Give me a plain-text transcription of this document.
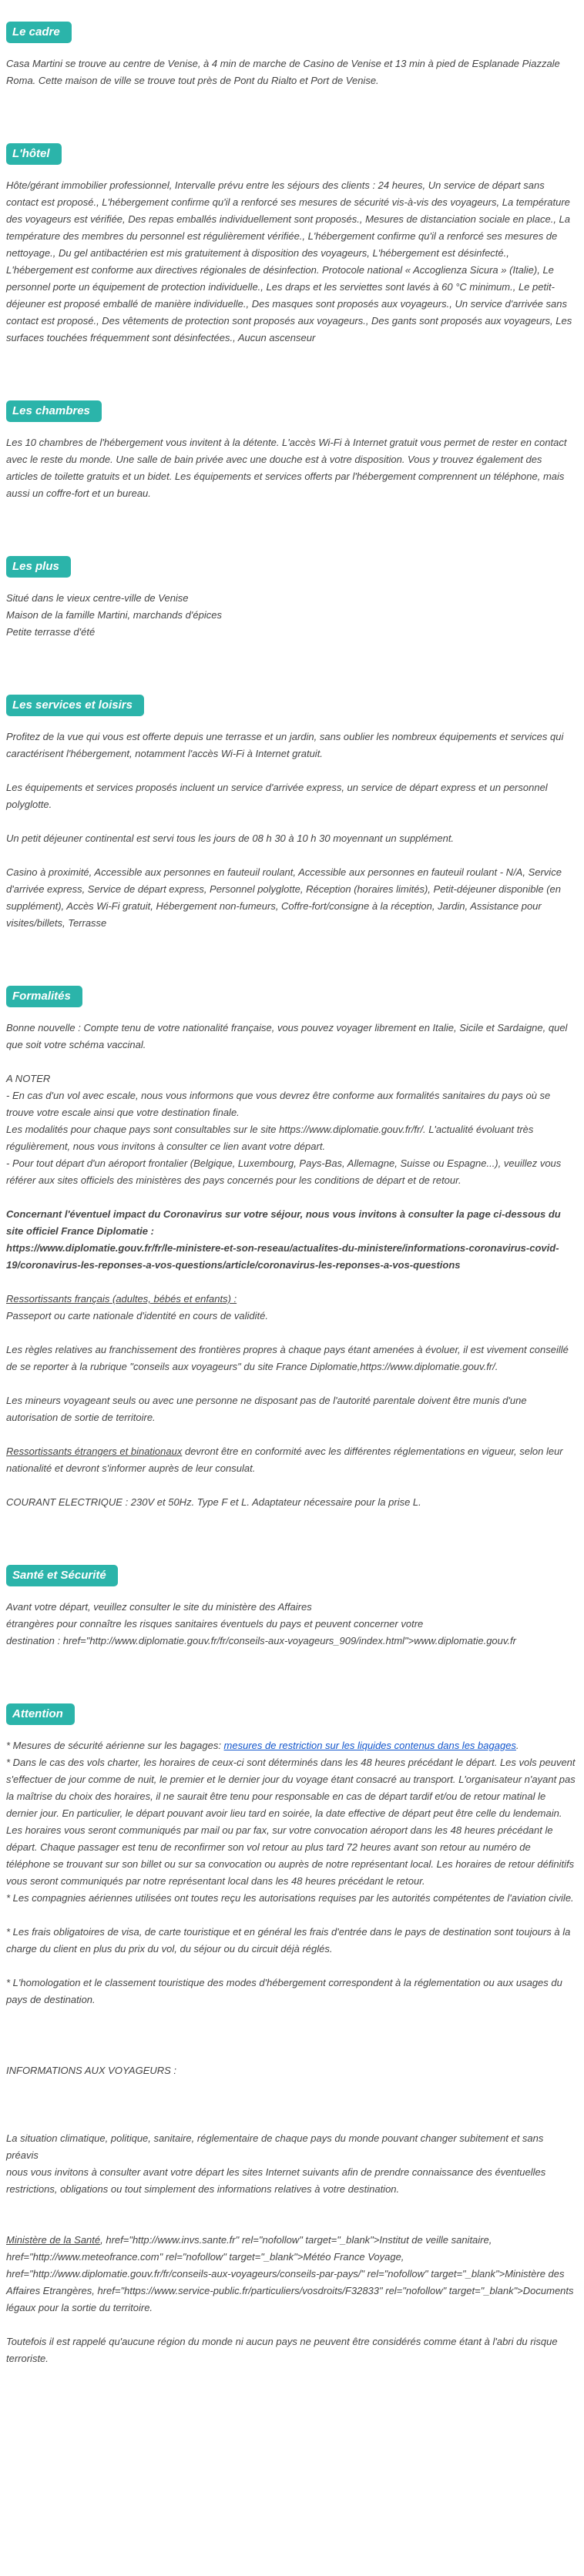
Le cadre

Casa Martini se trouve au centre de Venise, à 4 min de marche de Casino de Venise et 13 min à pied de Esplanade Piazzale Roma. Cette maison de ville se trouve tout près de Pont du Rialto et Port de Venise.

L'hôtel

Hôte/gérant immobilier professionnel, Intervalle prévu entre les séjours des clients : 24 heures, Un service de départ sans contact est proposé., L'hébergement confirme qu'il a renforcé ses mesures de sécurité vis-à-vis des voyageurs, La température des voyageurs est vérifiée, Des repas emballés individuellement sont proposés., Mesures de distanciation sociale en place., La température des membres du personnel est régulièrement vérifiée., L'hébergement confirme qu'il a renforcé ses mesures de nettoyage., Du gel antibactérien est mis gratuitement à disposition des voyageurs, L'hébergement est désinfecté., L'hébergement est conforme aux directives régionales de désinfection. Protocole national « Accoglienza Sicura » (Italie), Le personnel porte un équipement de protection individuelle., Les draps et les serviettes sont lavés à 60 °C minimum., Le petit-déjeuner est proposé emballé de manière individuelle., Des masques sont proposés aux voyageurs., Un service d'arrivée sans contact est proposé., Des vêtements de protection sont proposés aux voyageurs., Des gants sont proposés aux voyageurs, Les surfaces touchées fréquemment sont désinfectées., Aucun ascenseur

Les chambres

Les 10 chambres de l'hébergement vous invitent à la détente. L'accès Wi-Fi à Internet gratuit vous permet de rester en contact avec le reste du monde. Une salle de bain privée avec une douche est à votre disposition. Vous y trouvez également des articles de toilette gratuits et un bidet. Les équipements et services offerts par l'hébergement comprennent un téléphone, mais aussi un coffre-fort et un bureau.

Les plus

Situé dans le vieux centre-ville de Venise

Maison de la famille Martini, marchands d'épices

Petite terrasse d'été

Les services et loisirs

Profitez de la vue qui vous est offerte depuis une terrasse et un jardin, sans oublier les nombreux équipements et services qui caractérisent l'hébergement, notamment l'accès Wi-Fi à Internet gratuit.

Les équipements et services proposés incluent un service d'arrivée express, un service de départ express et un personnel polyglotte.

Un petit déjeuner continental est servi tous les jours de 08 h 30 à 10 h 30 moyennant un supplément.

Casino à proximité, Accessible aux personnes en fauteuil roulant, Accessible aux personnes en fauteuil roulant - N/A, Service d'arrivée express, Service de départ express, Personnel polyglotte, Réception (horaires limités), Petit-déjeuner disponible (en supplément), Accès Wi-Fi gratuit, Hébergement non-fumeurs, Coffre-fort/consigne à la réception, Jardin, Assistance pour visites/billets, Terrasse

Formalités

Bonne nouvelle : Compte tenu de votre nationalité française, vous pouvez voyager librement en Italie, Sicile et Sardaigne, quel que soit votre schéma vaccinal.

A NOTER

- En cas d'un vol avec escale, nous vous informons que vous devrez être conforme aux formalités sanitaires du pays où se trouve votre escale ainsi que votre destination finale.

Les modalités pour chaque pays sont consultables sur le site https://www.diplomatie.gouv.fr/fr/. L'actualité évoluant très régulièrement, nous vous invitons à consulter ce lien avant votre départ.

- Pour tout départ d'un aéroport frontalier (Belgique, Luxembourg, Pays-Bas, Allemagne, Suisse ou Espagne...), veuillez vous référer aux sites officiels des ministères des pays concernés pour les conditions de départ et de retour.

Concernant l'éventuel impact du Coronavirus sur votre séjour, nous vous invitons à consulter la page ci-dessous du site officiel France Diplomatie :

https://www.diplomatie.gouv.fr/fr/le-ministere-et-son-reseau/actualites-du-ministere/informations-coronavirus-covid-19/coronavirus-les-reponses-a-vos-questions/article/coronavirus-les-reponses-a-vos-questions

Ressortissants français (adultes, bébés et enfants) :

Passeport ou carte nationale d'identité en cours de validité.

Les règles relatives au franchissement des frontières propres à chaque pays étant amenées à évoluer, il est vivement conseillé de se reporter à la rubrique "conseils aux voyageurs" du site France Diplomatie,https://www.diplomatie.gouv.fr/.

Les mineurs voyageant seuls ou avec une personne ne disposant pas de l'autorité parentale doivent être munis d'une autorisation de sortie de territoire.

Ressortissants étrangers et binationaux devront être en conformité avec les différentes réglementations en vigueur, selon leur nationalité et devront s'informer auprès de leur consulat.

COURANT ELECTRIQUE : 230V et 50Hz. Type F et L. Adaptateur nécessaire pour la prise L.

Santé et Sécurité

Avant votre départ, veuillez consulter le site du ministère des Affaires

étrangères pour connaître les risques sanitaires éventuels du pays et peuvent concerner votre

destination : href="http://www.diplomatie.gouv.fr/fr/conseils-aux-voyageurs_909/index.html">www.diplomatie.gouv.fr

Attention

* Mesures de sécurité aérienne sur les bagages: mesures de restriction sur les liquides contenus dans les bagages.

* Dans le cas des vols charter, les horaires de ceux-ci sont déterminés dans les 48 heures précédant le départ. Les vols peuvent s'effectuer de jour comme de nuit, le premier et le dernier jour du voyage étant consacré au transport. L'organisateur n'ayant pas la maîtrise du choix des horaires, il ne saurait être tenu pour responsable en cas de départ tardif et/ou de retour matinal le dernier jour. En particulier, le départ pouvant avoir lieu tard en soirée, la date effective de départ peut être celle du lendemain. Les horaires vous seront communiqués par mail ou par fax, sur votre convocation aéroport dans les 48 heures précédant le départ. Chaque passager est tenu de reconfirmer son vol retour au plus tard 72 heures avant son retour au numéro de téléphone se trouvant sur son billet ou sur sa convocation ou auprès de notre représentant local. Les horaires de retour définitifs vous seront communiqués par notre représentant local dans les 48 heures précédant le retour.

* Les compagnies aériennes utilisées ont toutes reçu les autorisations requises par les autorités compétentes de l'aviation civile.

* Les frais obligatoires de visa, de carte touristique et en général les frais d'entrée dans le pays de destination sont toujours à la charge du client en plus du prix du vol, du séjour ou du circuit déjà réglés.

* L'homologation et le classement touristique des modes d'hébergement correspondent à la réglementation ou aux usages du pays de destination.

INFORMATIONS AUX VOYAGEURS :

La situation climatique, politique, sanitaire, réglementaire de chaque pays du monde pouvant changer subitement et sans préavis

nous vous invitons à consulter avant votre départ les sites Internet suivants afin de prendre connaissance des éventuelles restrictions, obligations ou tout simplement des informations relatives à votre destination.

Ministère de la Santé, href="http://www.invs.sante.fr" rel="nofollow" target="_blank">Institut de veille sanitaire, href="http://www.meteofrance.com" rel="nofollow" target="_blank">Météo France Voyage, href="http://www.diplomatie.gouv.fr/fr/conseils-aux-voyageurs/conseils-par-pays/" rel="nofollow" target="_blank">Ministère des Affaires Etrangères, href="https://www.service-public.fr/particuliers/vosdroits/F32833" rel="nofollow" target="_blank">Documents légaux pour la sortie du territoire.

Toutefois il est rappelé qu'aucune région du monde ni aucun pays ne peuvent être considérés comme étant à l'abri du risque terroriste.
